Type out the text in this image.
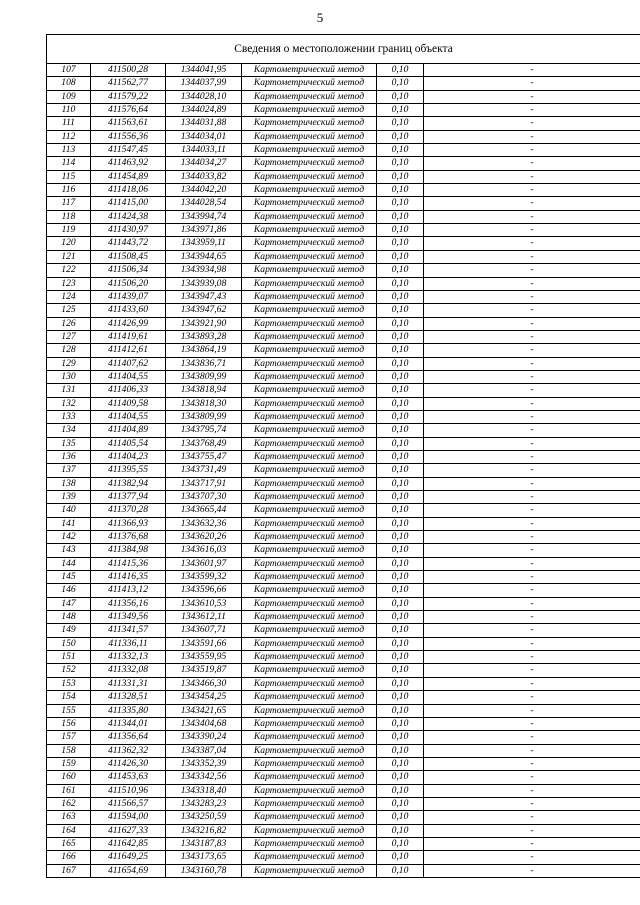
5
Сведения о местоположении границ объекта					
107	411500,28	1344041,95	Картометрический метод	0,10	-
108	411562,77	1344037,99	Картометрический метод	0,10	-
109	411579,22	1344028,10	Картометрический метод	0,10	-
110	411576,64	1344024,89	Картометрический метод	0,10	-
111	411563,61	1344031,88	Картометрический метод	0,10	-
112	411556,36	1344034,01	Картометрический метод	0,10	-
113	411547,45	1344033,11	Картометрический метод	0,10	-
114	411463,92	1344034,27	Картометрический метод	0,10	-
115	411454,89	1344033,82	Картометрический метод	0,10	-
116	411418,06	1344042,20	Картометрический метод	0,10	-
117	411415,00	1344028,54	Картометрический метод	0,10	-
118	411424,38	1343994,74	Картометрический метод	0,10	-
119	411430,97	1343971,86	Картометрический метод	0,10	-
120	411443,72	1343959,11	Картометрический метод	0,10	-
121	411508,45	1343944,65	Картометрический метод	0,10	-
122	411506,34	1343934,98	Картометрический метод	0,10	-
123	411506,20	1343939,08	Картометрический метод	0,10	-
124	411439,07	1343947,43	Картометрический метод	0,10	-
125	411433,60	1343947,62	Картометрический метод	0,10	-
126	411426,99	1343921,90	Картометрический метод	0,10	-
127	411419,61	1343893,28	Картометрический метод	0,10	-
128	411412,61	1343864,19	Картометрический метод	0,10	-
129	411407,62	1343836,71	Картометрический метод	0,10	-
130	411404,55	1343809,99	Картометрический метод	0,10	-
131	411406,33	1343818,94	Картометрический метод	0,10	-
132	411409,58	1343818,30	Картометрический метод	0,10	-
133	411404,55	1343809,99	Картометрический метод	0,10	-
134	411404,89	1343795,74	Картометрический метод	0,10	-
135	411405,54	1343768,49	Картометрический метод	0,10	-
136	411404,23	1343755,47	Картометрический метод	0,10	-
137	411395,55	1343731,49	Картометрический метод	0,10	-
138	411382,94	1343717,91	Картометрический метод	0,10	-
139	411377,94	1343707,30	Картометрический метод	0,10	-
140	411370,28	1343665,44	Картометрический метод	0,10	-
141	411366,93	1343632,36	Картометрический метод	0,10	-
142	411376,68	1343620,26	Картометрический метод	0,10	-
143	411384,98	1343616,03	Картометрический метод	0,10	-
144	411415,36	1343601,97	Картометрический метод	0,10	-
145	411416,35	1343599,32	Картометрический метод	0,10	-
146	411413,12	1343596,66	Картометрический метод	0,10	-
147	411356,16	1343610,53	Картометрический метод	0,10	-
148	411349,56	1343612,11	Картометрический метод	0,10	-
149	411341,57	1343607,71	Картометрический метод	0,10	-
150	411336,11	1343591,66	Картометрический метод	0,10	-
151	411332,13	1343559,95	Картометрический метод	0,10	-
152	411332,08	1343519,87	Картометрический метод	0,10	-
153	411331,31	1343466,30	Картометрический метод	0,10	-
154	411328,51	1343454,25	Картометрический метод	0,10	-
155	411335,80	1343421,65	Картометрический метод	0,10	-
156	411344,01	1343404,68	Картометрический метод	0,10	-
157	411356,64	1343390,24	Картометрический метод	0,10	-
158	411362,32	1343387,04	Картометрический метод	0,10	-
159	411426,30	1343352,39	Картометрический метод	0,10	-
160	411453,63	1343342,56	Картометрический метод	0,10	-
161	411510,96	1343318,40	Картометрический метод	0,10	-
162	411566,57	1343283,23	Картометрический метод	0,10	-
163	411594,00	1343250,59	Картометрический метод	0,10	-
164	411627,33	1343216,82	Картометрический метод	0,10	-
165	411642,85	1343187,83	Картометрический метод	0,10	-
166	411649,25	1343173,65	Картометрический метод	0,10	-
167	411654,69	1343160,78	Картометрический метод	0,10	-
